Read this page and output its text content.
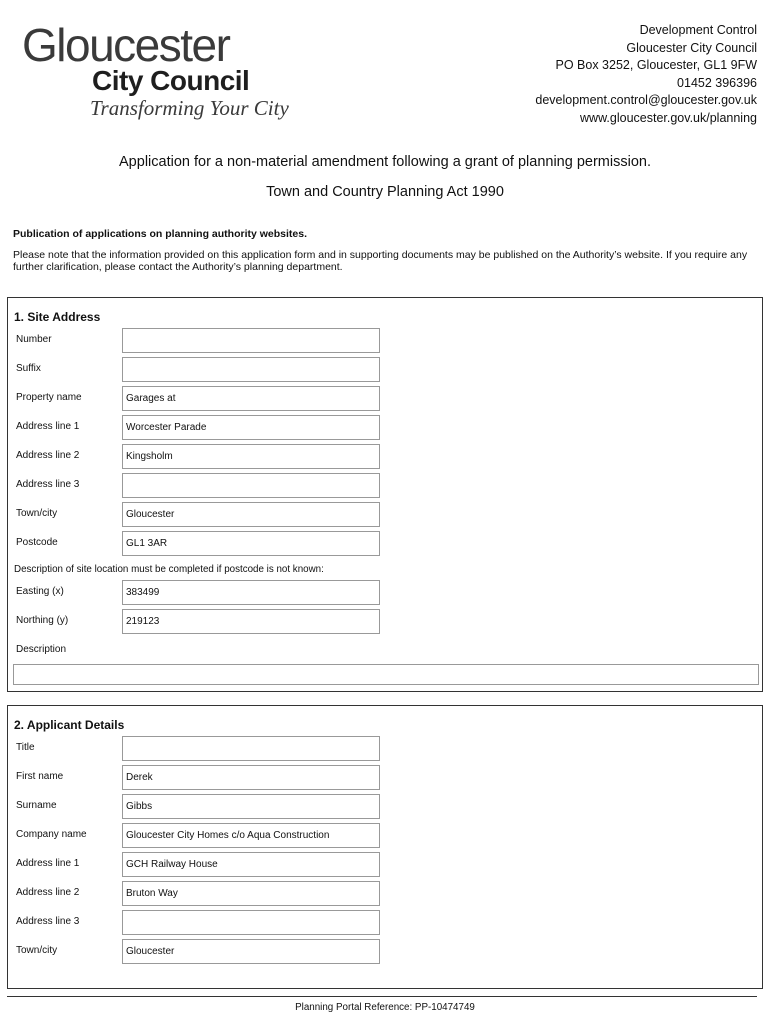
Gloucester
City Council
Transforming Your City
Development Control
Gloucester City Council
PO Box 3252, Gloucester, GL1 9FW
01452 396396
development.control@gloucester.gov.uk
www.gloucester.gov.uk/planning
Application for a non-material amendment following a grant of planning permission.
Town and Country Planning Act 1990
Publication of applications on planning authority websites.
Please note that the information provided on this application form and in supporting documents may be published on the Authority’s website. If you require any further clarification, please contact the Authority’s planning department.
1. Site Address
Number
Suffix
Property name	Garages at
Address line 1	Worcester Parade
Address line 2	Kingsholm
Address line 3
Town/city	Gloucester
Postcode	GL1 3AR
Description of site location must be completed if postcode is not known:
Easting (x)	383499
Northing (y)	219123
Description
2. Applicant Details
Title
First name	Derek
Surname	Gibbs
Company name	Gloucester City Homes c/o Aqua Construction
Address line 1	GCH Railway House
Address line 2	Bruton Way
Address line 3
Town/city	Gloucester
Planning Portal Reference: PP-10474749
